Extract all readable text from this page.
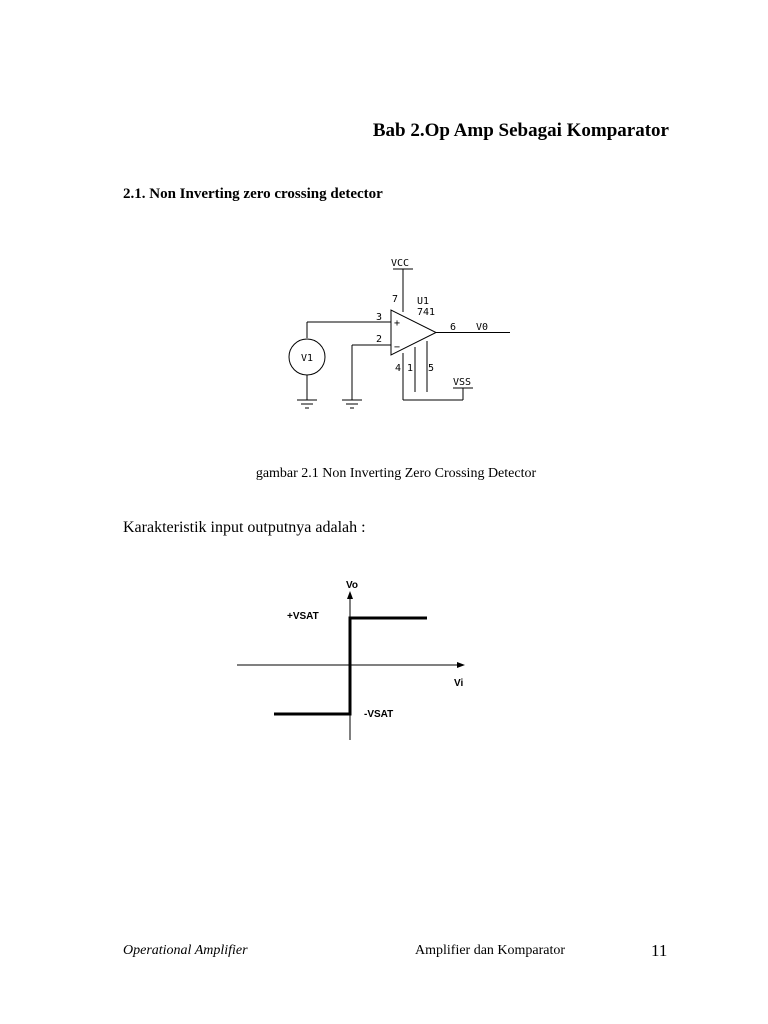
Bab 2.Op Amp Sebagai Komparator
2.1. Non Inverting zero crossing detector
VCC
7 U1
741
3
+
2
−
6 V0
V1
4 1 5
VSS
gambar 2.1 Non Inverting Zero Crossing Detector
Karakteristik input outputnya adalah :
Vo
+VSAT
Vi
-VSAT
Operational Amplifier	Amplifier dan Komparator	11
